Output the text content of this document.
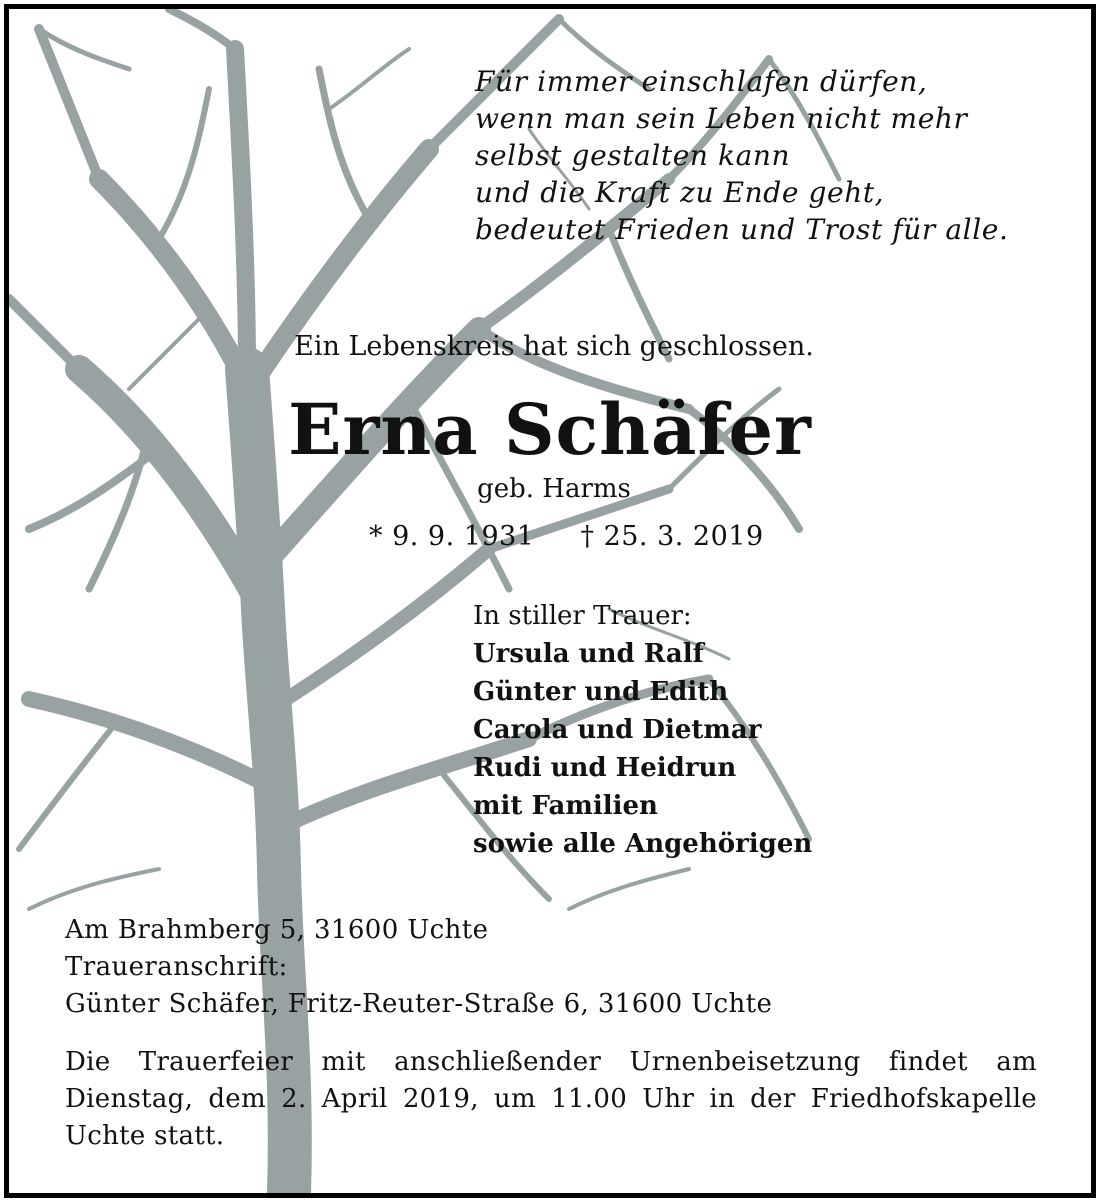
Für immer einschlafen dürfen,
wenn man sein Leben nicht mehr
selbst gestalten kann
und die Kraft zu Ende geht,
bedeutet Frieden und Trost für alle.
Ein Lebenskreis hat sich geschlossen.
Erna Schäfer
geb. Harms
* 9. 9. 1931 † 25. 3. 2019
In stiller Trauer:
Ursula und Ralf
Günter und Edith
Carola und Dietmar
Rudi und Heidrun
mit Familien
sowie alle Angehörigen
Am Brahmberg 5, 31600 Uchte
Traueranschrift:
Günter Schäfer, Fritz-Reuter-Straße 6, 31600 Uchte

Die Trauerfeier mit anschließender Urnenbeisetzung findet am Dienstag, dem 2. April 2019, um 11.00 Uhr in der Friedhofskapelle Uchte statt.
